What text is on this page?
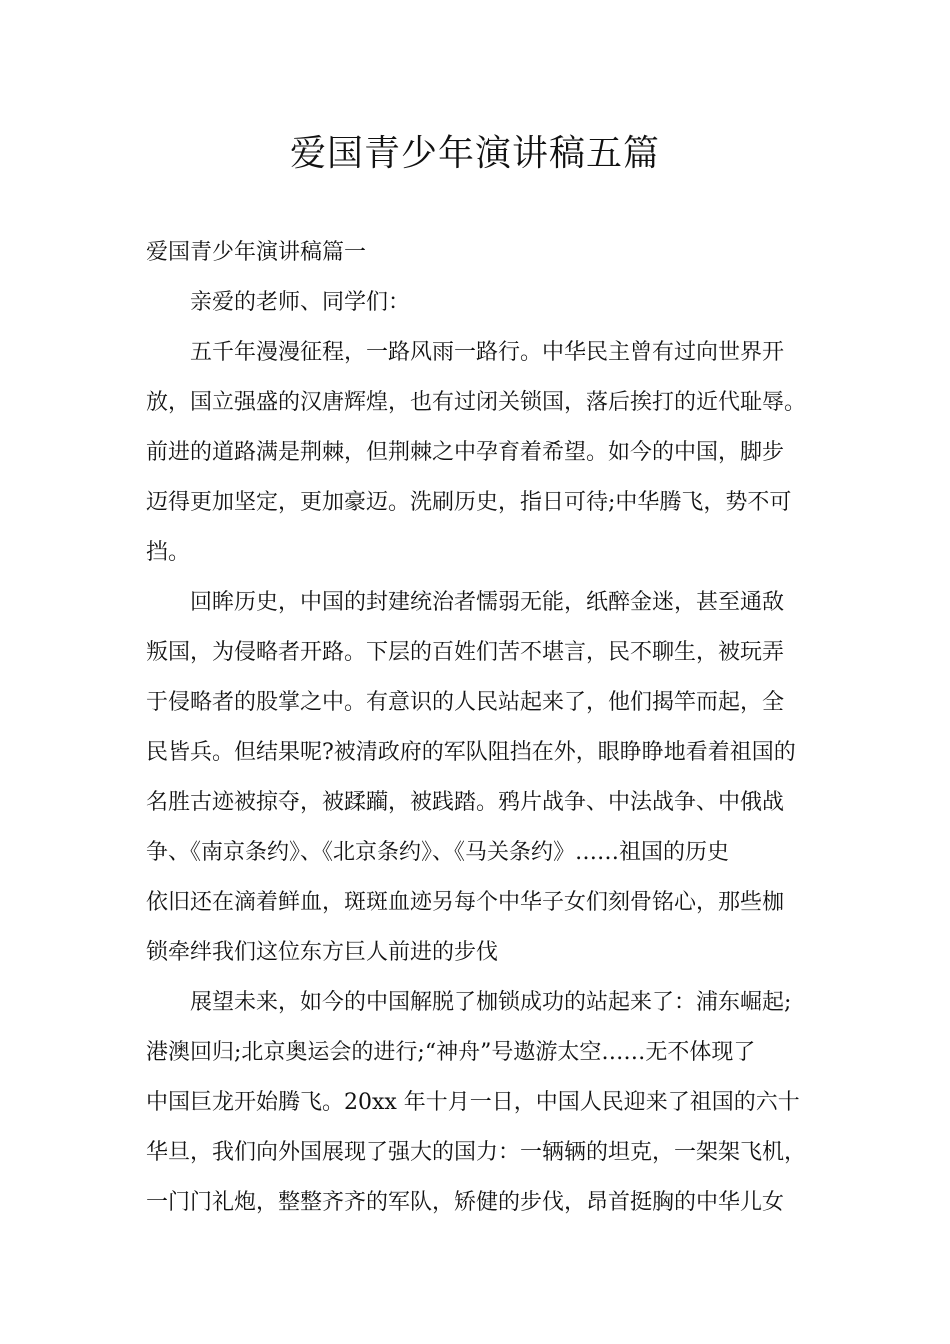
爱国青少年演讲稿五篇
爱国青少年演讲稿篇一
亲爱的老师、同学们：
五千年漫漫征程，一路风雨一路行。中华民主曾有过向世界开
放，国立强盛的汉唐辉煌，也有过闭关锁国，落后挨打的近代耻辱。
前进的道路满是荆棘，但荆棘之中孕育着希望。如今的中国，脚步
迈得更加坚定，更加豪迈。洗刷历史，指日可待;中华腾飞，势不可
挡。
回眸历史，中国的封建统治者懦弱无能，纸醉金迷，甚至通敌
叛国，为侵略者开路。下层的百姓们苦不堪言，民不聊生，被玩弄
于侵略者的股掌之中。有意识的人民站起来了，他们揭竿而起，全
民皆兵。但结果呢?被清政府的军队阻挡在外，眼睁睁地看着祖国的
名胜古迹被掠夺，被蹂躏，被践踏。鸦片战争、中法战争、中俄战
争、《南京条约》、《北京条约》、《马关条约》……祖国的历史
依旧还在滴着鲜血，斑斑血迹另每个中华子女们刻骨铭心，那些枷
锁牵绊我们这位东方巨人前进的步伐
展望未来，如今的中国解脱了枷锁成功的站起来了：浦东崛起;
港澳回归;北京奥运会的进行;“神舟”号遨游太空……无不体现了
中国巨龙开始腾飞。20xx 年十月一日，中国人民迎来了祖国的六十
华旦，我们向外国展现了强大的国力：一辆辆的坦克，一架架飞机，
一门门礼炮，整整齐齐的军队，矫健的步伐，昂首挺胸的中华儿女
